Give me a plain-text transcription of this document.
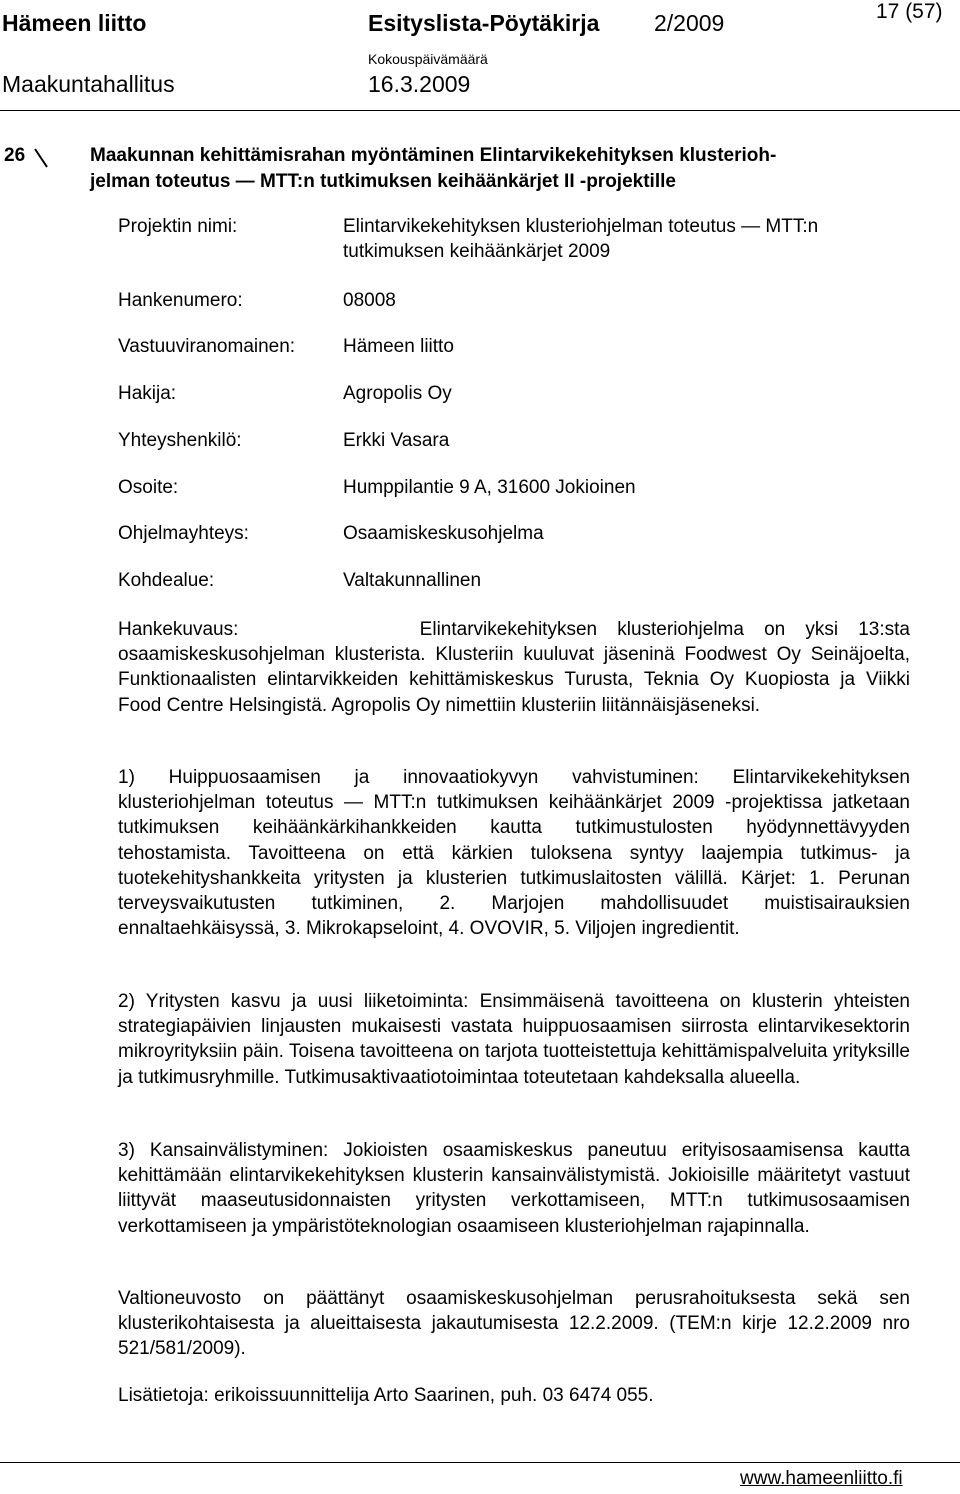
Hämeen liitto	Esityslista-Pöytäkirja 2/2009	17 (57)
Maakuntahallitus
Kokouspäivämäärä
16.3.2009
26	Maakunnan kehittämisrahan myöntäminen Elintarvikekehityksen klusterioh-
jelman toteutus — MTT:n tutkimuksen keihäänkärjet II -projektille
Projektin nimi:	Elintarvikekehityksen klusteriohjelman toteutus — MTT:n
tutkimuksen keihäänkärjet 2009
Hankenumero:	08008
Vastuuviranomainen:	Hämeen liitto
Hakija:	Agropolis Oy
Yhteyshenkilö:	Erkki Vasara
Osoite:	Humppilantie 9 A, 31600 Jokioinen
Ohjelmayhteys:	Osaamiskeskusohjelma
Kohdealue:	Valtakunnallinen
Hankekuvaus:         Elintarvikekehityksen klusteriohjelma on yksi 13:sta osaamiskeskusohjelman klusterista. Klusteriin kuuluvat jäseninä Foodwest Oy Seinäjoelta, Funktionaalisten elintarvikkeiden kehittämiskeskus Turusta, Teknia Oy Kuopiosta ja Viikki Food Centre Helsingistä. Agropolis Oy nimettiin klusteriin liitännäisjäseneksi.
1) Huippuosaamisen ja innovaatiokyvyn vahvistuminen: Elintarvikekehityksen klusteriohjelman toteutus — MTT:n tutkimuksen keihäänkärjet 2009 -projektissa jatketaan tutkimuksen keihäänkärkihankkeiden kautta tutkimustulosten hyödynnettävyyden tehostamista. Tavoitteena on että kärkien tuloksena syntyy laajempia tutkimus- ja tuotekehityshankkeita yritysten ja klusterien tutkimuslaitosten välillä. Kärjet: 1. Perunan terveysvaikutusten tutkiminen, 2. Marjojen mahdollisuudet muistisairauksien ennaltaehkäisyssä, 3. Mikrokapseloint, 4. OVOVIR, 5. Viljojen ingredientit.
2) Yritysten kasvu ja uusi liiketoiminta: Ensimmäisenä tavoitteena on klusterin yhteisten strategiapäivien linjausten mukaisesti vastata huippuosaamisen siirrosta elintarvikesektorin mikroyrityksiin päin. Toisena tavoitteena on tarjota tuotteistettuja kehittämispalveluita yrityksille ja tutkimusryhmille. Tutkimusaktivaatiotoimintaa toteutetaan kahdeksalla alueella.
3) Kansainvälistyminen: Jokioisten osaamiskeskus paneutuu erityisosaamisensa kautta kehittämään elintarvikekehityksen klusterin kansainvälistymistä. Jokioisille määritetyt vastuut liittyvät maaseutusidonnaisten yritysten verkottamiseen, MTT:n tutkimusosaamisen verkottamiseen ja ympäristöteknologian osaamiseen klusteriohjelman rajapinnalla.
Valtioneuvosto on päättänyt osaamiskeskusohjelman perusrahoituksesta sekä sen klusterikohtaisesta ja alueittaisesta jakautumisesta 12.2.2009. (TEM:n kirje 12.2.2009 nro 521/581/2009).
Lisätietoja: erikoissuunnittelija Arto Saarinen, puh. 03 6474 055.
www.hameenliitto.fi
